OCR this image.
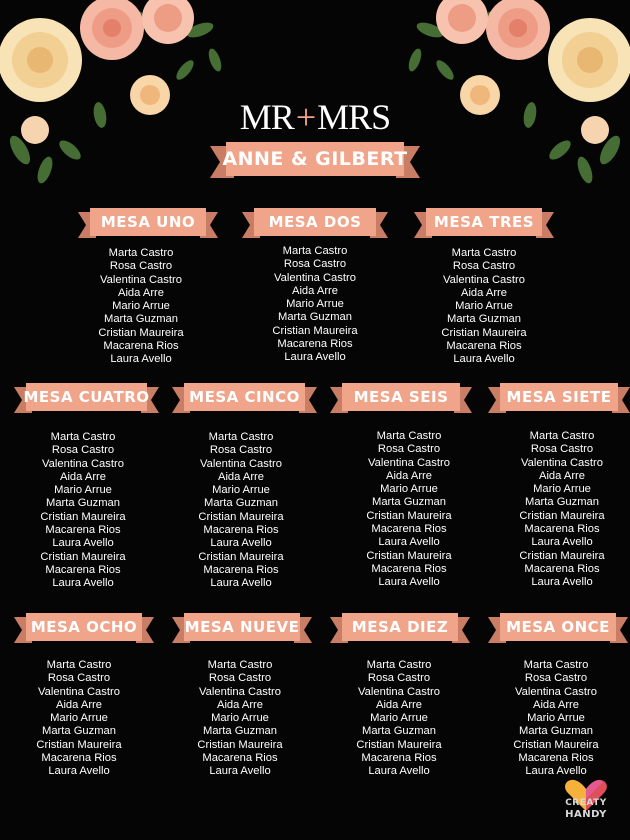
MR+MRS
ANNE & GILBERT
MESA UNO
Marta Castro
Rosa Castro
Valentina Castro
Aida Arre
Mario Arrue
Marta Guzman
Cristian Maureira
Macarena Rios
Laura Avello
MESA DOS
Marta Castro
Rosa Castro
Valentina Castro
Aida Arre
Mario Arrue
Marta Guzman
Cristian Maureira
Macarena Rios
Laura Avello
MESA TRES
Marta Castro
Rosa Castro
Valentina Castro
Aida Arre
Mario Arrue
Marta Guzman
Cristian Maureira
Macarena Rios
Laura Avello
MESA CUATRO
Marta Castro
Rosa Castro
Valentina Castro
Aida Arre
Mario Arrue
Marta Guzman
Cristian Maureira
Macarena Rios
Laura Avello
Cristian Maureira
Macarena Rios
Laura Avello
MESA CINCO
Marta Castro
Rosa Castro
Valentina Castro
Aida Arre
Mario Arrue
Marta Guzman
Cristian Maureira
Macarena Rios
Laura Avello
Cristian Maureira
Macarena Rios
Laura Avello
MESA SEIS
Marta Castro
Rosa Castro
Valentina Castro
Aida Arre
Mario Arrue
Marta Guzman
Cristian Maureira
Macarena Rios
Laura Avello
Cristian Maureira
Macarena Rios
Laura Avello
MESA SIETE
Marta Castro
Rosa Castro
Valentina Castro
Aida Arre
Mario Arrue
Marta Guzman
Cristian Maureira
Macarena Rios
Laura Avello
Cristian Maureira
Macarena Rios
Laura Avello
MESA OCHO
Marta Castro
Rosa Castro
Valentina Castro
Aida Arre
Mario Arrue
Marta Guzman
Cristian Maureira
Macarena Rios
Laura Avello
MESA NUEVE
Marta Castro
Rosa Castro
Valentina Castro
Aida Arre
Mario Arrue
Marta Guzman
Cristian Maureira
Macarena Rios
Laura Avello
MESA DIEZ
Marta Castro
Rosa Castro
Valentina Castro
Aida Arre
Mario Arrue
Marta Guzman
Cristian Maureira
Macarena Rios
Laura Avello
MESA ONCE
Marta Castro
Rosa Castro
Valentina Castro
Aida Arre
Mario Arrue
Marta Guzman
Cristian Maureira
Macarena Rios
Laura Avello
CREATY
HANDY
